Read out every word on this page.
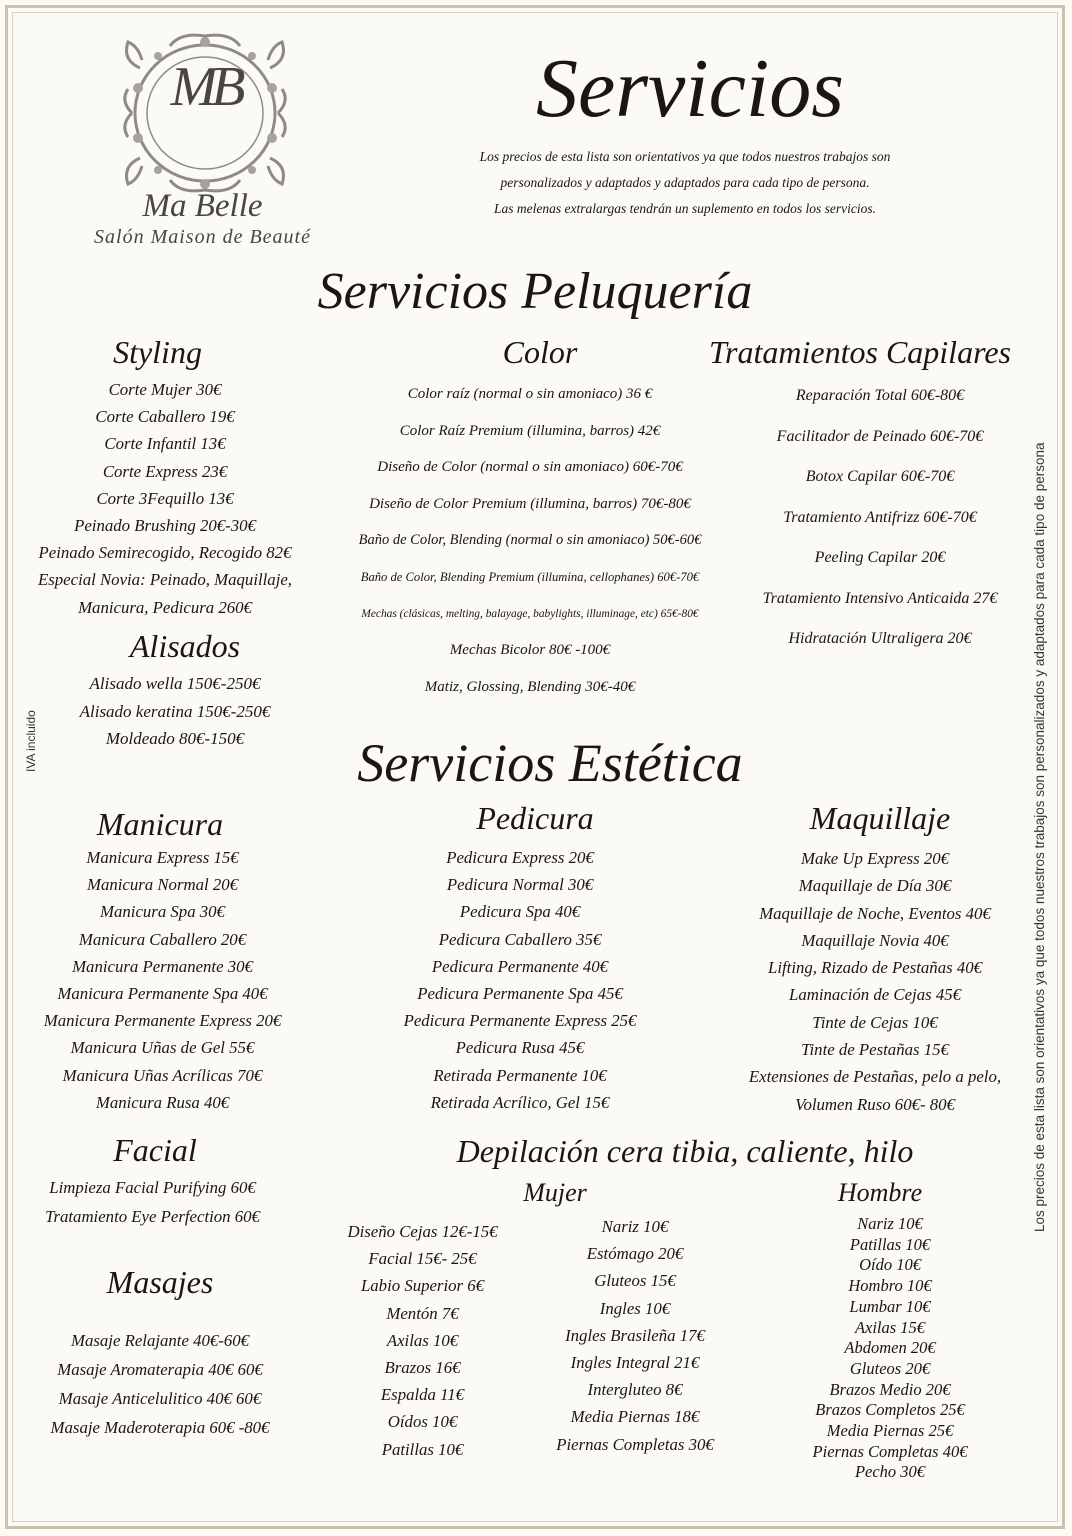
MB
Ma Belle
Salón Maison de Beauté
Servicios
Los precios de esta lista son orientativos ya que todos nuestros trabajos son
personalizados y adaptados y adaptados para cada tipo de persona.
Las melenas extralargas tendrán un suplemento en todos los servicios.
IVA incluido	Los precios de esta lista son orientativos ya que todos nuestros trabajos son personalizados y adaptados para cada tipo de persona
Servicios Peluquería
Styling
Corte Mujer 30€
Corte Caballero 19€
Corte Infantil 13€
Corte Express 23€
Corte 3Fequillo 13€
Peinado Brushing 20€-30€
Peinado Semirecogido, Recogido 82€
Especial Novia: Peinado, Maquillaje,
Manicura, Pedicura 260€
Alisados
Alisado wella 150€-250€
Alisado keratina 150€-250€
Moldeado 80€-150€
Color
Color raíz (normal o sin amoniaco) 36 €
Color Raíz Premium (illumina, barros) 42€
Diseño de Color (normal o sin amoniaco) 60€-70€
Diseño de Color Premium (illumina, barros) 70€-80€
Baño de Color, Blending (normal o sin amoniaco) 50€-60€
Baño de Color, Blending Premium (illumina, cellophanes) 60€-70€
Mechas (clásicas, melting, balayage, babylights, illuminage, etc) 65€-80€
Mechas Bicolor 80€ -100€
Matiz, Glossing, Blending 30€-40€
Tratamientos Capilares
Reparación Total 60€-80€
Facilitador de Peinado 60€-70€
Botox Capilar 60€-70€
Tratamiento Antifrizz 60€-70€
Peeling Capilar 20€
Tratamiento Intensivo Anticaida 27€
Hidratación Ultraligera 20€
Servicios Estética
Manicura
Manicura Express 15€
Manicura Normal 20€
Manicura Spa 30€
Manicura Caballero 20€
Manicura Permanente 30€
Manicura Permanente Spa 40€
Manicura Permanente Express 20€
Manicura Uñas de Gel 55€
Manicura Uñas Acrílicas 70€
Manicura Rusa 40€
Pedicura
Pedicura Express 20€
Pedicura Normal 30€
Pedicura Spa 40€
Pedicura Caballero 35€
Pedicura Permanente 40€
Pedicura Permanente Spa 45€
Pedicura Permanente Express 25€
Pedicura Rusa 45€
Retirada Permanente 10€
Retirada Acrílico, Gel 15€
Maquillaje
Make Up Express 20€
Maquillaje de Día 30€
Maquillaje de Noche, Eventos 40€
Maquillaje Novia 40€
Lifting, Rizado de Pestañas 40€
Laminación de Cejas 45€
Tinte de Cejas 10€
Tinte de Pestañas 15€
Extensiones de Pestañas, pelo a pelo,
Volumen Ruso 60€- 80€
Facial
Limpieza Facial Purifying 60€
Tratamiento Eye Perfection 60€
Masajes
Masaje Relajante 40€-60€
Masaje Aromaterapia 40€ 60€
Masaje Anticelulitico 40€ 60€
Masaje Maderoterapia 60€ -80€
Depilación cera tibia, caliente, hilo
Mujer	Hombre
Diseño Cejas 12€-15€
Facial 15€- 25€
Labio Superior 6€
Mentón 7€
Axilas 10€
Brazos 16€
Espalda 11€
Oídos 10€
Patillas 10€
Nariz 10€
Estómago 20€
Gluteos 15€
Ingles 10€
Ingles Brasileña 17€
Ingles Integral 21€
Intergluteo 8€
Media Piernas 18€
Piernas Completas 30€
Nariz 10€
Patillas 10€
Oído 10€
Hombro 10€
Lumbar 10€
Axilas 15€
Abdomen 20€
Gluteos 20€
Brazos Medio 20€
Brazos Completos 25€
Media Piernas 25€
Piernas Completas 40€
Pecho 30€
